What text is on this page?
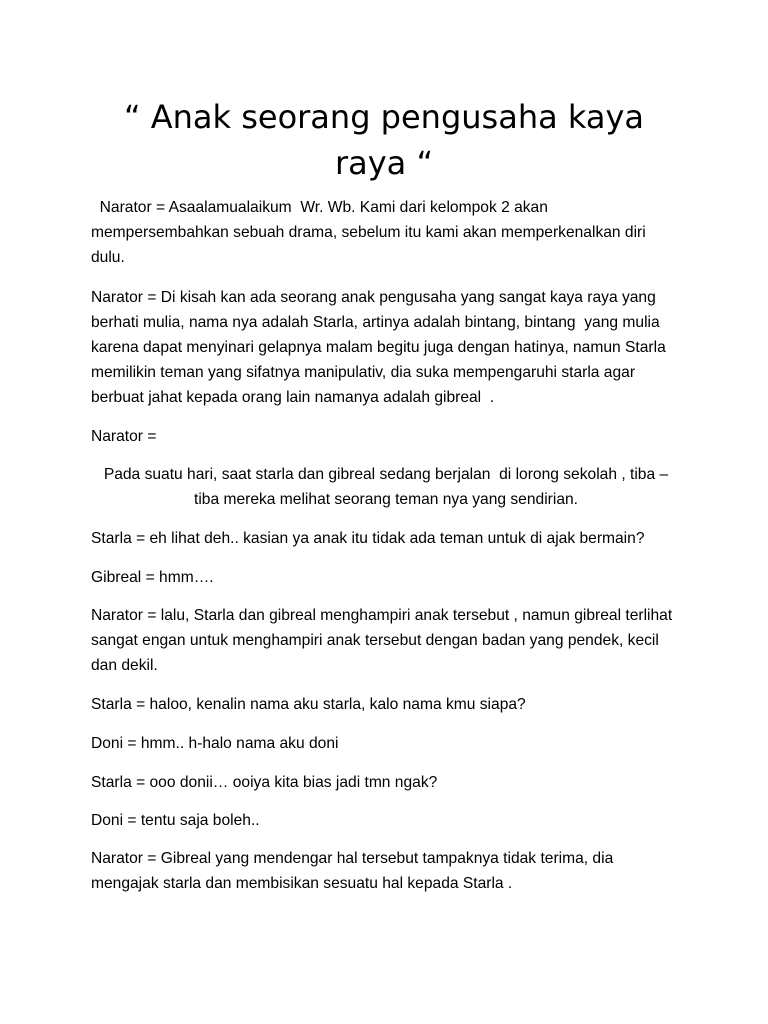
“ Anak seorang pengusaha kaya raya “

Narator = Asaalamualaikum  Wr. Wb. Kami dari kelompok 2 akan mempersembahkan sebuah drama, sebelum itu kami akan memperkenalkan diri dulu.

Narator = Di kisah kan ada seorang anak pengusaha yang sangat kaya raya yang berhati mulia, nama nya adalah Starla, artinya adalah bintang, bintang  yang mulia karena dapat menyinari gelapnya malam begitu juga dengan hatinya, namun Starla memilikin teman yang sifatnya manipulativ, dia suka mempengaruhi starla agar berbuat jahat kepada orang lain namanya adalah gibreal  .

Narator =

Pada suatu hari, saat starla dan gibreal sedang berjalan  di lorong sekolah , tiba – tiba mereka melihat seorang teman nya yang sendirian.

Starla = eh lihat deh.. kasian ya anak itu tidak ada teman untuk di ajak bermain?

Gibreal = hmm….

Narator = lalu, Starla dan gibreal menghampiri anak tersebut , namun gibreal terlihat sangat engan untuk menghampiri anak tersebut dengan badan yang pendek, kecil dan dekil.

Starla = haloo, kenalin nama aku starla, kalo nama kmu siapa?

Doni = hmm.. h-halo nama aku doni

Starla = ooo donii… ooiya kita bias jadi tmn ngak?

Doni = tentu saja boleh..

Narator = Gibreal yang mendengar hal tersebut tampaknya tidak terima, dia mengajak starla dan membisikan sesuatu hal kepada Starla .
